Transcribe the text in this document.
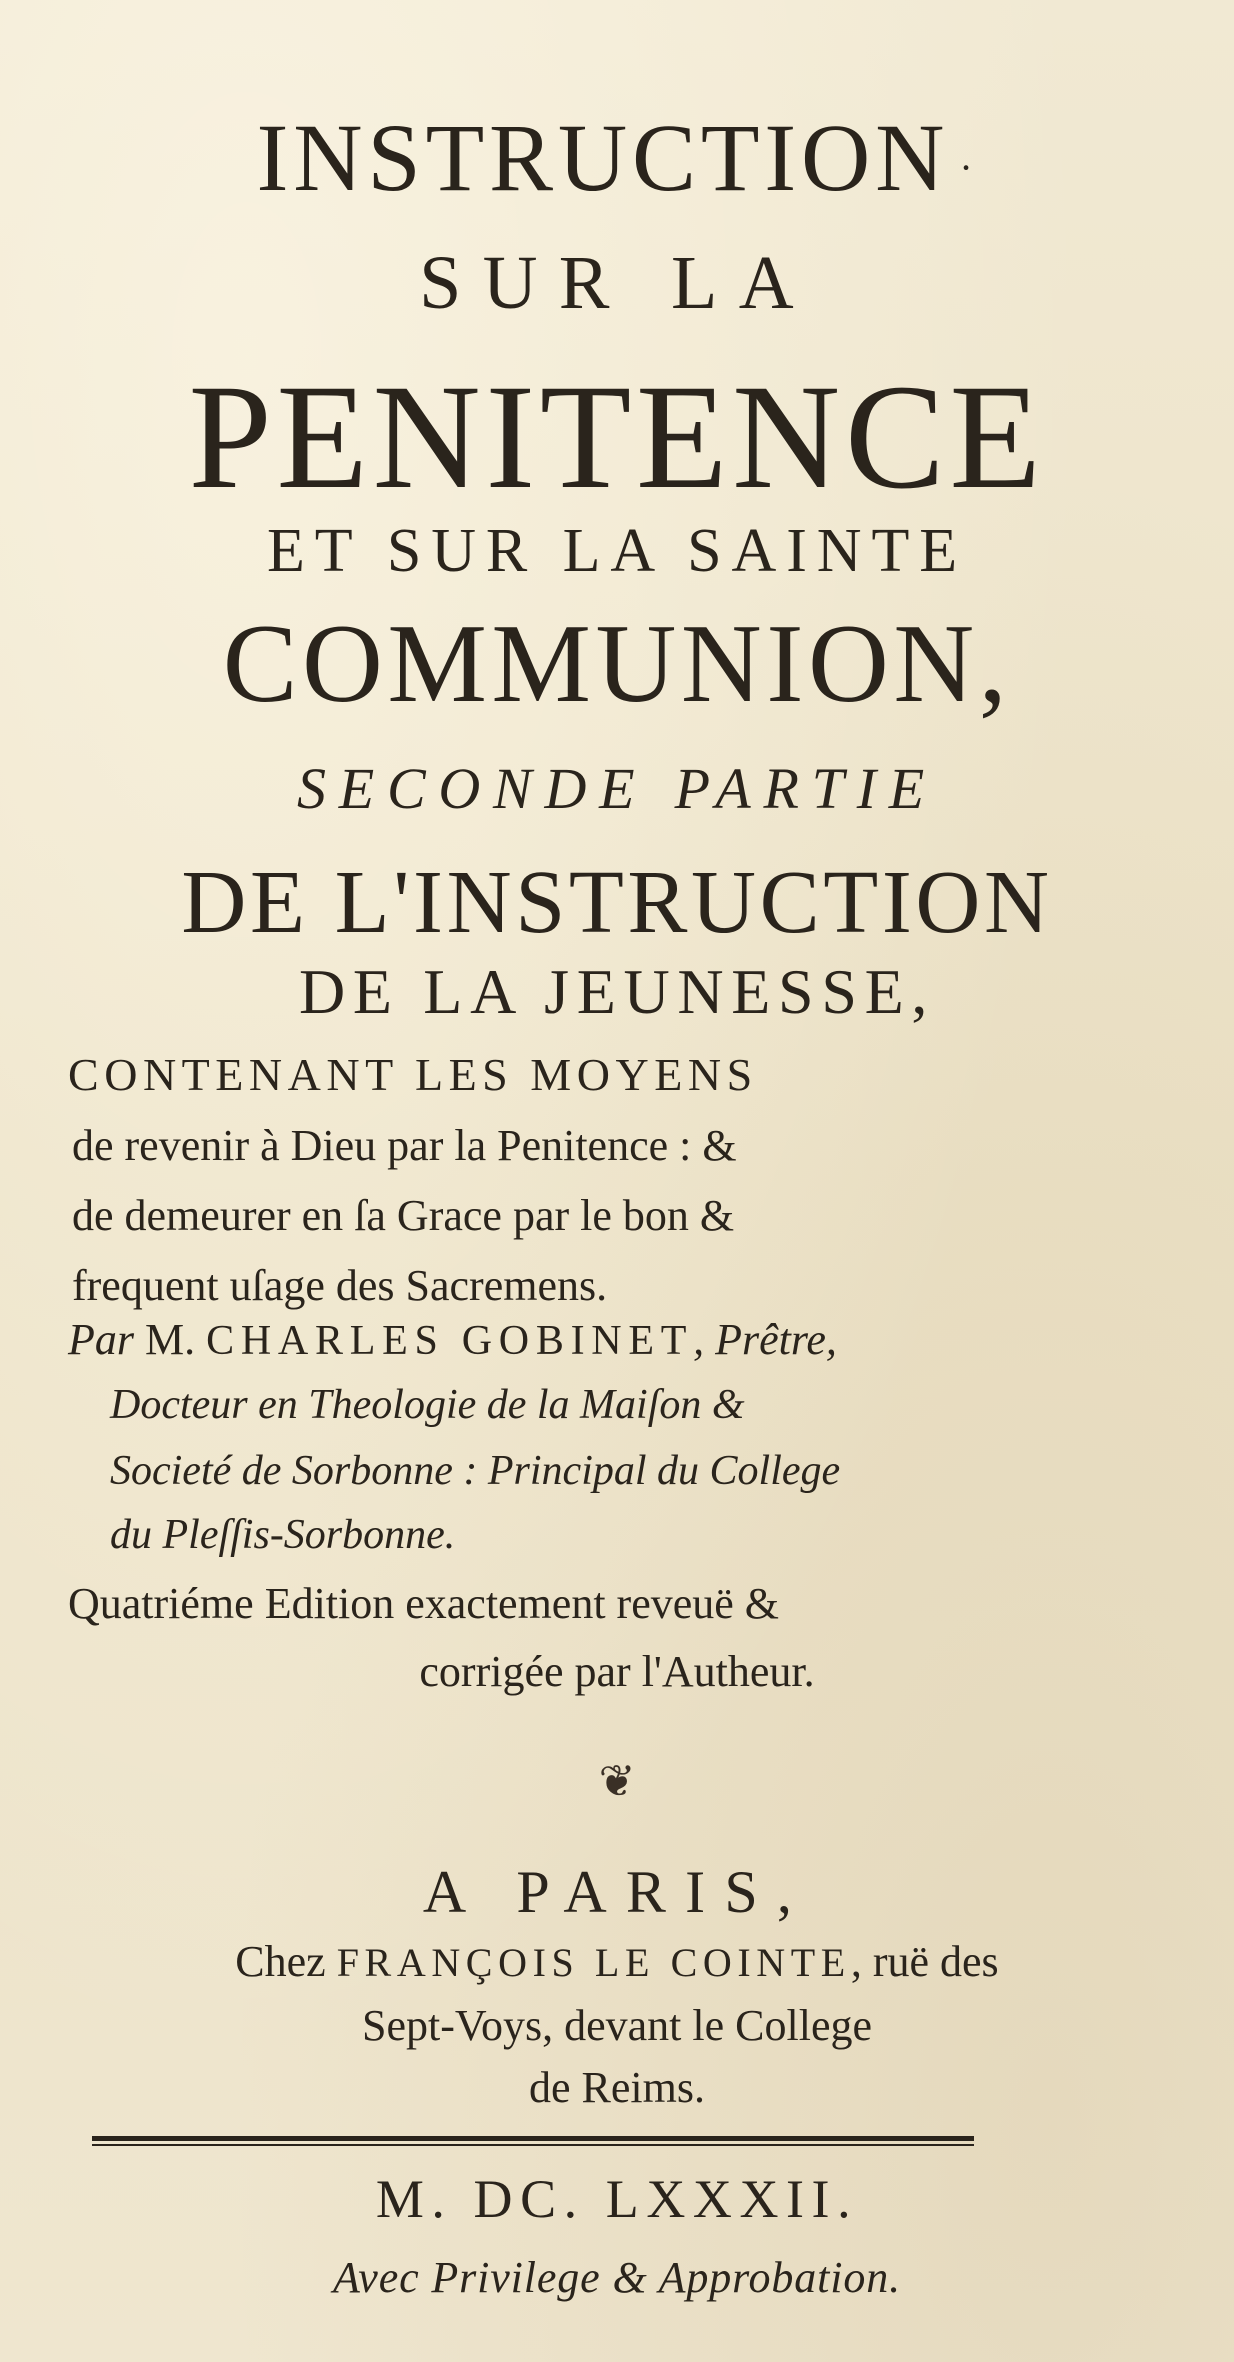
INSTRUCTION ·
SUR LA
PENITENCE
ET SUR LA SAINTE
COMMUNION,
SECONDE PARTIE
DE L'INSTRUCTION
DE LA JEUNESSE,
CONTENANT LES MOYENS
de revenir à Dieu par la Penitence : &
de demeurer en ſa Grace par le bon &
frequent uſage des Sacremens.
Par M. CHARLES GOBINET, Prêtre,
Docteur en Theologie de la Maiſon &
Societé de Sorbonne : Principal du College
du Pleſſis-Sorbonne.
Quatriéme Edition exactement reveuë &
corrigée par l'Autheur.
❦
A PARIS,
Chez FRANÇOIS LE COINTE, ruë des
Sept-Voys, devant le College
de Reims.
M. DC. LXXXII.
Avec Privilege & Approbation.
